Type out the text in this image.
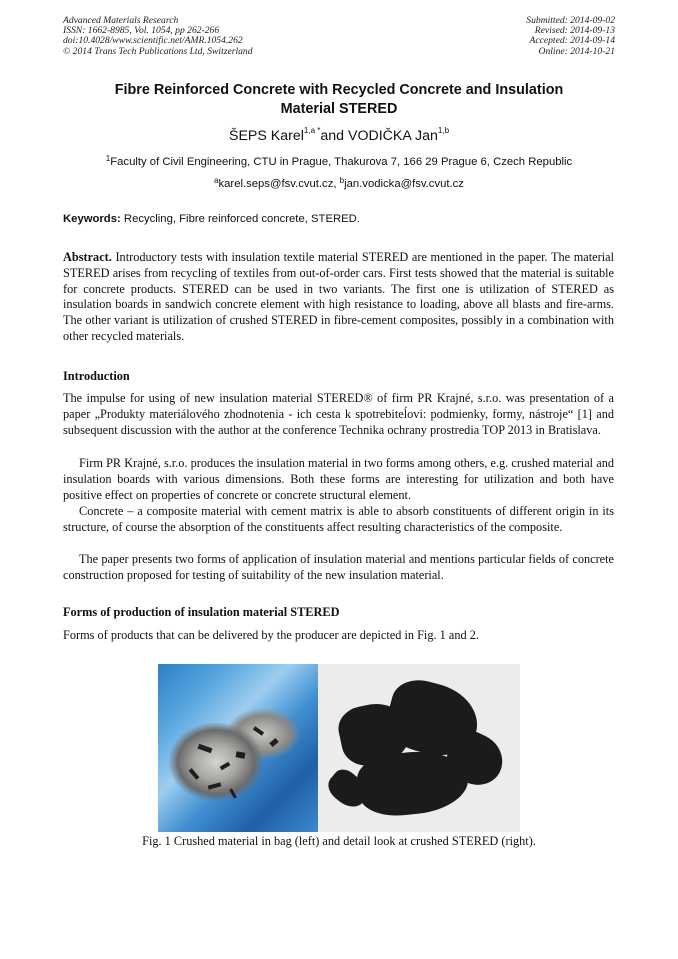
Advanced Materials Research
ISSN: 1662-8985, Vol. 1054, pp 262-266
doi:10.4028/www.scientific.net/AMR.1054.262
© 2014 Trans Tech Publications Ltd, Switzerland
Submitted: 2014-09-02
Revised: 2014-09-13
Accepted: 2014-09-14
Online: 2014-10-21
Fibre Reinforced Concrete with Recycled Concrete and Insulation
Material STERED
ŠEPS Karel$^{1,a *}$and VODIČKA Jan$^{1,b}$
$^1$Faculty of Civil Engineering, CTU in Prague, Thakurova 7, 166 29 Prague 6, Czech Republic
$^a$karel.seps@fsv.cvut.cz, $^b$jan.vodicka@fsv.cvut.cz
Keywords: Recycling, Fibre reinforced concrete, STERED.
Abstract. Introductory tests with insulation textile material STERED are mentioned in the paper. The material STERED arises from recycling of textiles from out-of-order cars. First tests showed that the material is suitable for concrete products. STERED can be used in two variants. The first one is utilization of STERED as insulation boards in sandwich concrete element with high resistance to loading, above all blasts and fire-arms. The other variant is utilization of crushed STERED in fibre-cement composites, possibly in a combination with other recycled materials.
Introduction
The impulse for using of new insulation material STERED® of firm PR Krajné, s.r.o. was presentation of a paper „Produkty materiálového zhodnotenia - ich cesta k spotrebiteĺovi: podmienky, formy, nástroje“ [1] and subsequent discussion with the author at the conference Technika ochrany prostredia TOP 2013 in Bratislava.
Firm PR Krajné, s.r.o. produces the insulation material in two forms among others, e.g. crushed material and insulation boards with various dimensions. Both these forms are interesting for utilization and both have positive effect on properties of concrete or concrete structural element.
Concrete – a composite material with cement matrix is able to absorb constituents of different origin in its structure, of course the absorption of the constituents affect resulting characteristics of the composite.
The paper presents two forms of application of insulation material and mentions particular fields of concrete construction proposed for testing of suitability of the new insulation material.
Forms of production of insulation material STERED
Forms of products that can be delivered by the producer are depicted in Fig. 1 and 2.
Fig. 1 Crushed material in bag (left) and detail look at crushed STERED (right).
